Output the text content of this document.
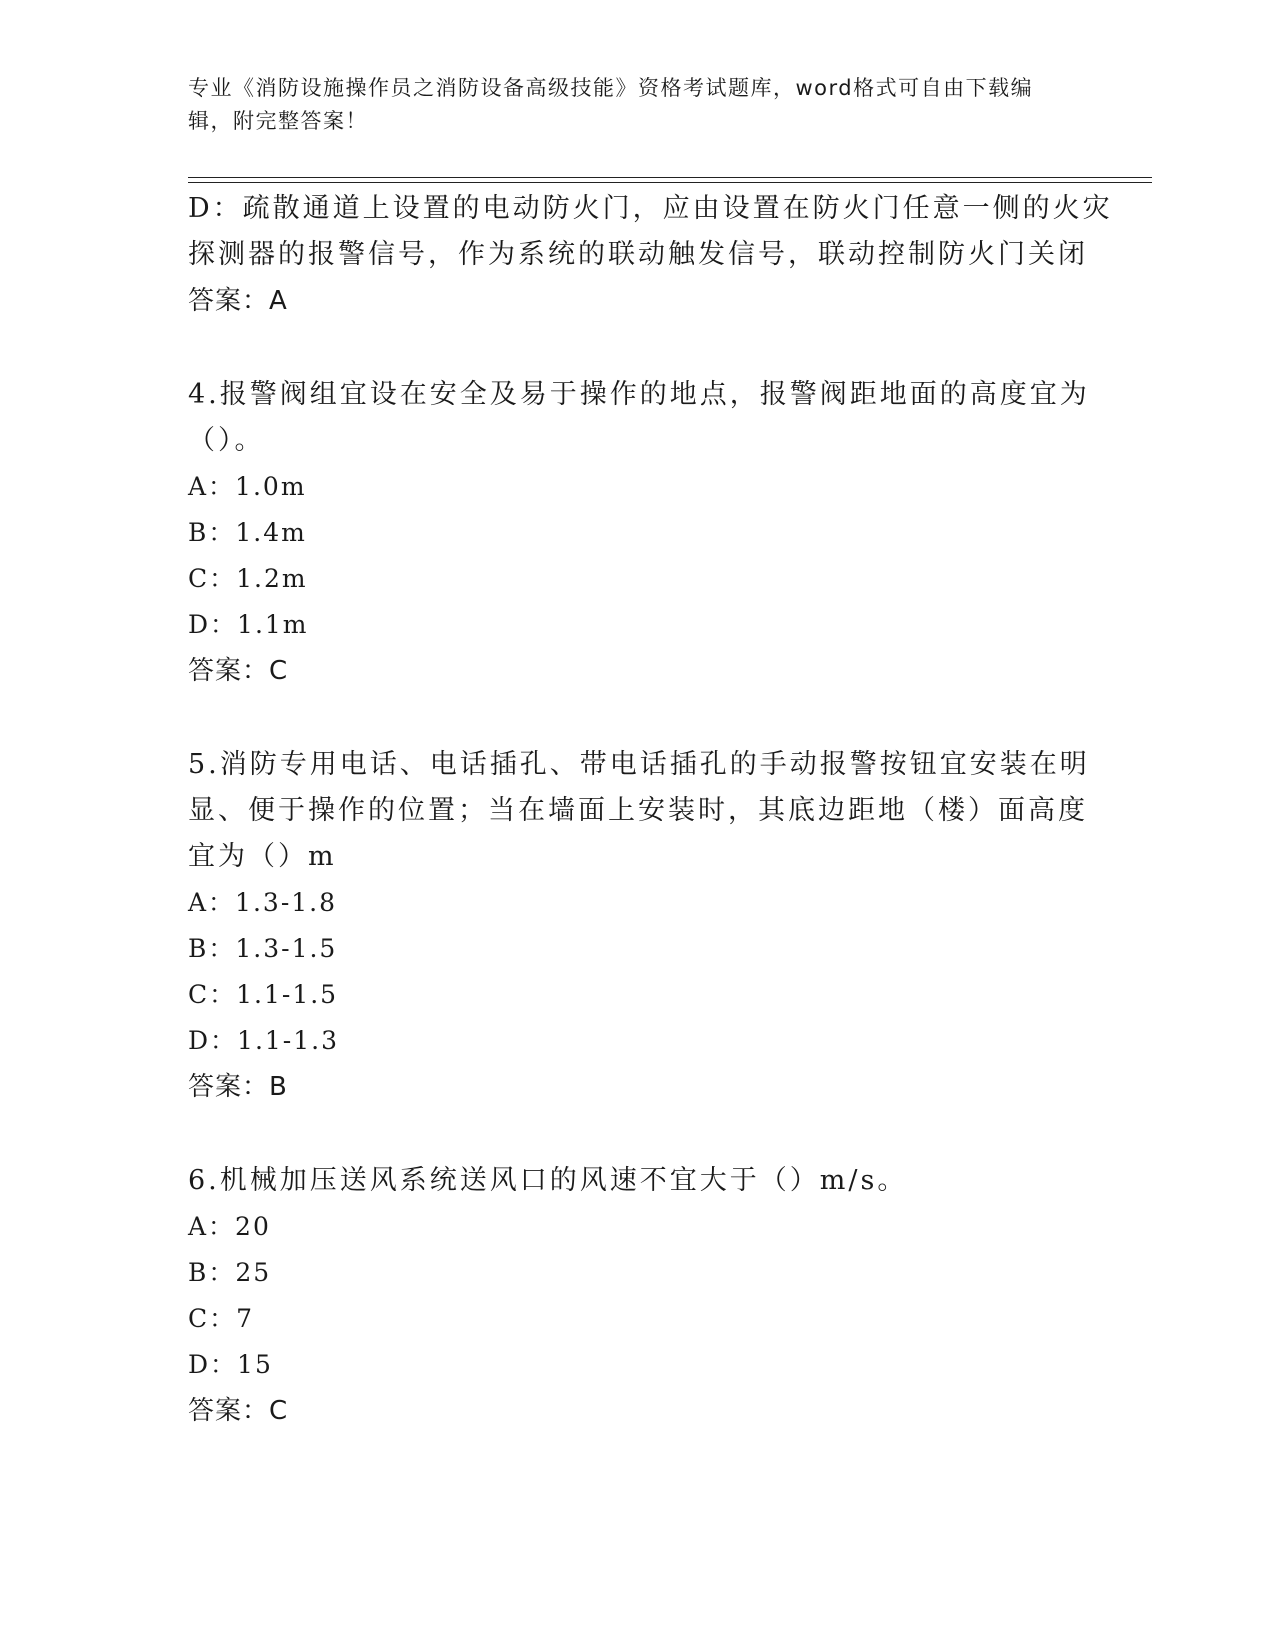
专业《消防设施操作员之消防设备高级技能》资格考试题库，word格式可自由下载编辑，附完整答案！
D：疏散通道上设置的电动防火门，应由设置在防火门任意一侧的火灾
探测器的报警信号，作为系统的联动触发信号，联动控制防火门关闭
答案：A
4.报警阀组宜设在安全及易于操作的地点，报警阀距地面的高度宜为
（）。
A：1.0m
B：1.4m
C：1.2m
D：1.1m
答案：C
5.消防专用电话、电话插孔、带电话插孔的手动报警按钮宜安装在明
显、便于操作的位置；当在墙面上安装时，其底边距地（楼）面高度
宜为（）m
A：1.3-1.8
B：1.3-1.5
C：1.1-1.5
D：1.1-1.3
答案：B
6.机械加压送风系统送风口的风速不宜大于（）m/s。
A：20
B：25
C：7
D：15
答案：C
